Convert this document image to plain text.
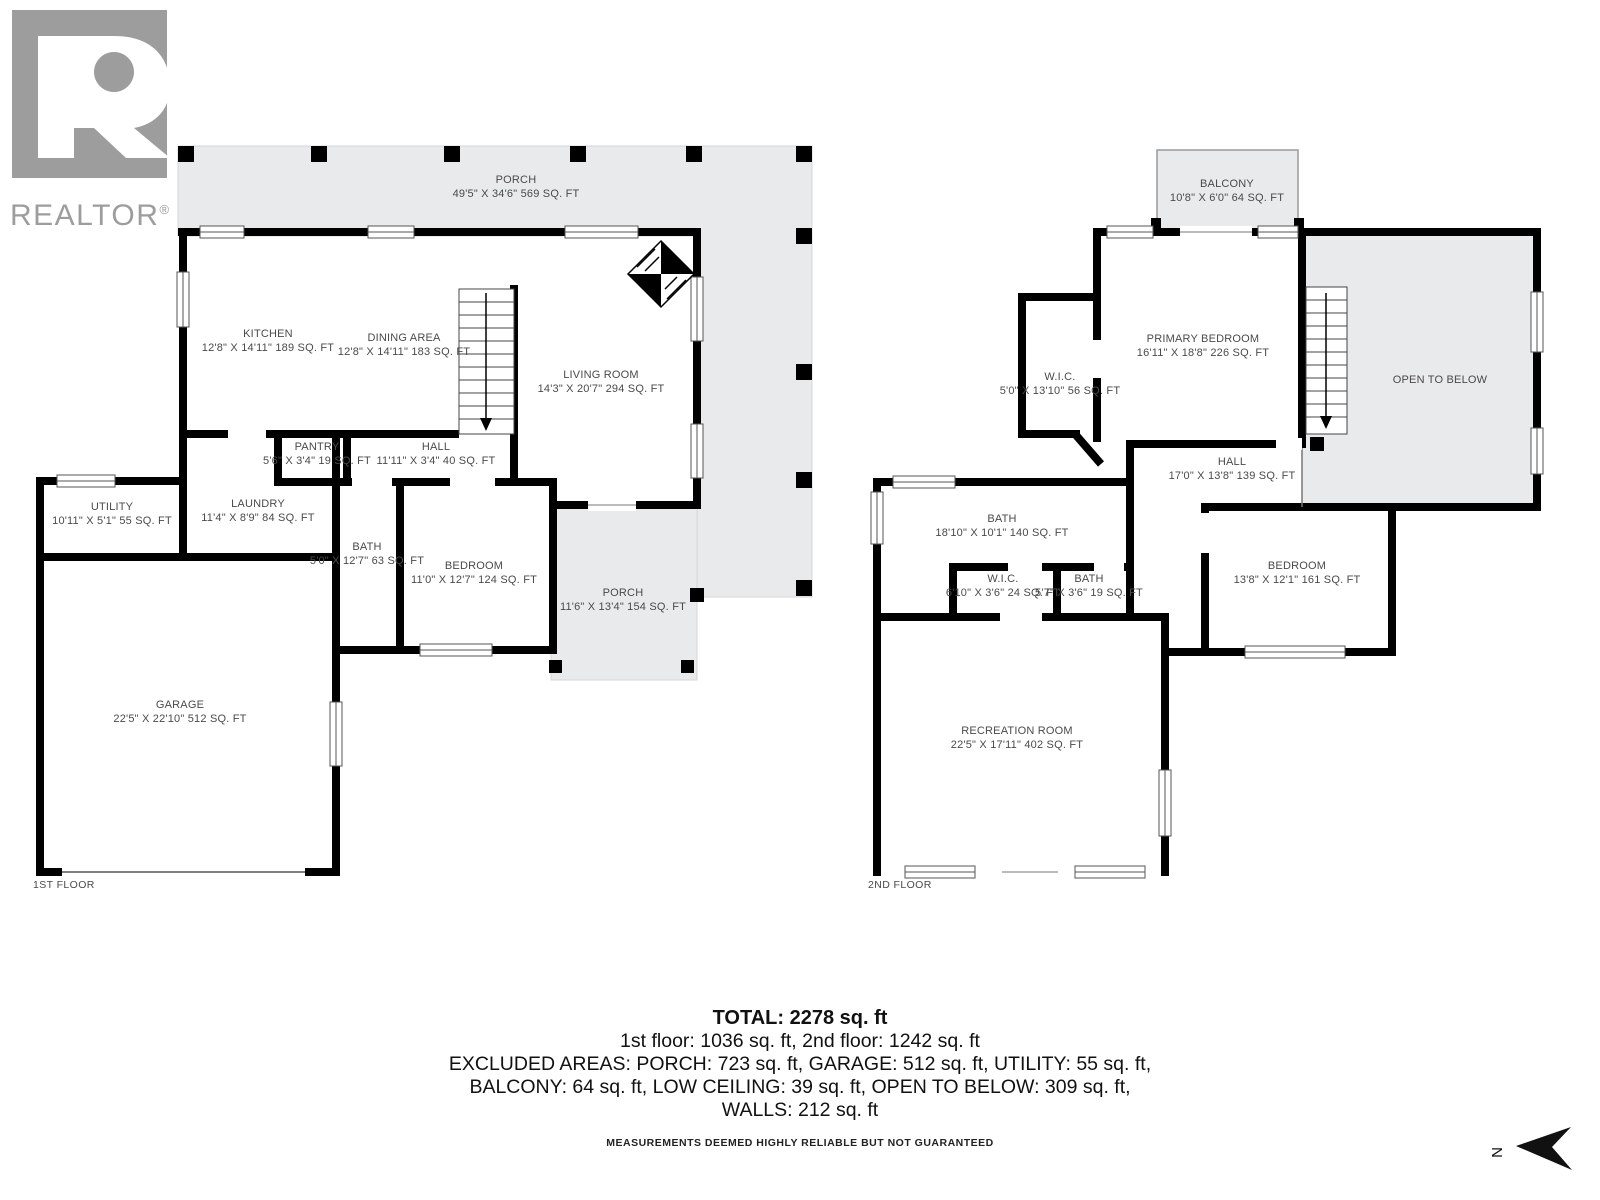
N
REALTOR®
PORCH
49'5" X 34'6" 569 SQ. FT
KITCHEN
12'8" X 14'11" 189 SQ. FT
DINING AREA
12'8" X 14'11" 183 SQ. FT
LIVING ROOM
14'3" X 20'7" 294 SQ. FT
PANTRY
5'6" X 3'4" 19 SQ. FT
HALL
11'11" X 3'4" 40 SQ. FT
UTILITY
10'11" X 5'1" 55 SQ. FT
LAUNDRY
11'4" X 8'9" 84 SQ. FT
BATH
5'0" X 12'7" 63 SQ. FT	BEDROOM
11'0" X 12'7" 124 SQ. FT
PORCH
11'6" X 13'4" 154 SQ. FT
GARAGE
22'5" X 22'10" 512 SQ. FT
1ST FLOOR
BALCONY
10'8" X 6'0" 64 SQ. FT
PRIMARY BEDROOM
16'11" X 18'8" 226 SQ. FT
W.I.C.
5'0" X 13'10" 56 SQ. FT
OPEN TO BELOW
HALL
17'0" X 13'8" 139 SQ. FT
BATH
18'10" X 10'1" 140 SQ. FT
W.I.C.
6'10" X 3'6" 24 SQ. FT
BATH
5'7" X 3'6" 19 SQ. FT
BEDROOM
13'8" X 12'1" 161 SQ. FT
RECREATION ROOM
22'5" X 17'11" 402 SQ. FT
2ND FLOOR
TOTAL: 2278 sq. ft
1st floor: 1036 sq. ft, 2nd floor: 1242 sq. ft
EXCLUDED AREAS: PORCH: 723 sq. ft, GARAGE: 512 sq. ft, UTILITY: 55 sq. ft,
BALCONY: 64 sq. ft, LOW CEILING: 39 sq. ft, OPEN TO BELOW: 309 sq. ft,
WALLS: 212 sq. ft
MEASUREMENTS DEEMED HIGHLY RELIABLE BUT NOT GUARANTEED
